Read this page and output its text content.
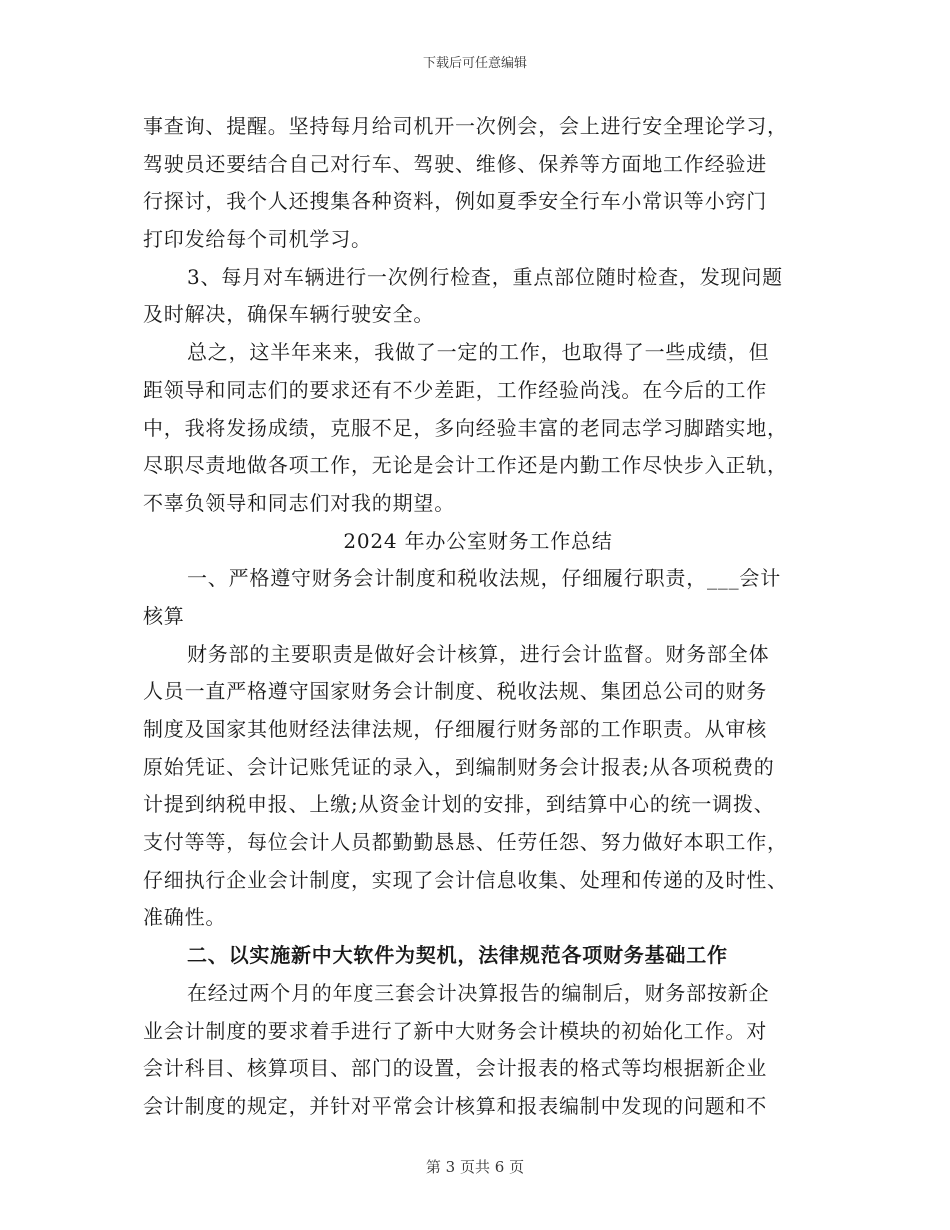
下载后可任意编辑
事查询、提醒。坚持每月给司机开一次例会，会上进行安全理论学习，
驾驶员还要结合自己对行车、驾驶、维修、保养等方面地工作经验进
行探讨，我个人还搜集各种资料，例如夏季安全行车小常识等小窍门
打印发给每个司机学习。
3、每月对车辆进行一次例行检查，重点部位随时检查，发现问题
及时解决，确保车辆行驶安全。
总之，这半年来来，我做了一定的工作，也取得了一些成绩，但
距领导和同志们的要求还有不少差距，工作经验尚浅。在今后的工作
中，我将发扬成绩，克服不足，多向经验丰富的老同志学习脚踏实地，
尽职尽责地做各项工作，无论是会计工作还是内勤工作尽快步入正轨，
不辜负领导和同志们对我的期望。
2024 年办公室财务工作总结
一、严格遵守财务会计制度和税收法规，仔细履行职责，___会计
核算
财务部的主要职责是做好会计核算，进行会计监督。财务部全体
人员一直严格遵守国家财务会计制度、税收法规、集团总公司的财务
制度及国家其他财经法律法规，仔细履行财务部的工作职责。从审核
原始凭证、会计记账凭证的录入，到编制财务会计报表;从各项税费的
计提到纳税申报、上缴;从资金计划的安排，到结算中心的统一调拨、
支付等等，每位会计人员都勤勤恳恳、任劳任怨、努力做好本职工作，
仔细执行企业会计制度，实现了会计信息收集、处理和传递的及时性、
准确性。
二、以实施新中大软件为契机，法律规范各项财务基础工作
在经过两个月的年度三套会计决算报告的编制后，财务部按新企
业会计制度的要求着手进行了新中大财务会计模块的初始化工作。对
会计科目、核算项目、部门的设置，会计报表的格式等均根据新企业
会计制度的规定，并针对平常会计核算和报表编制中发现的问题和不
第 3 页共 6 页
